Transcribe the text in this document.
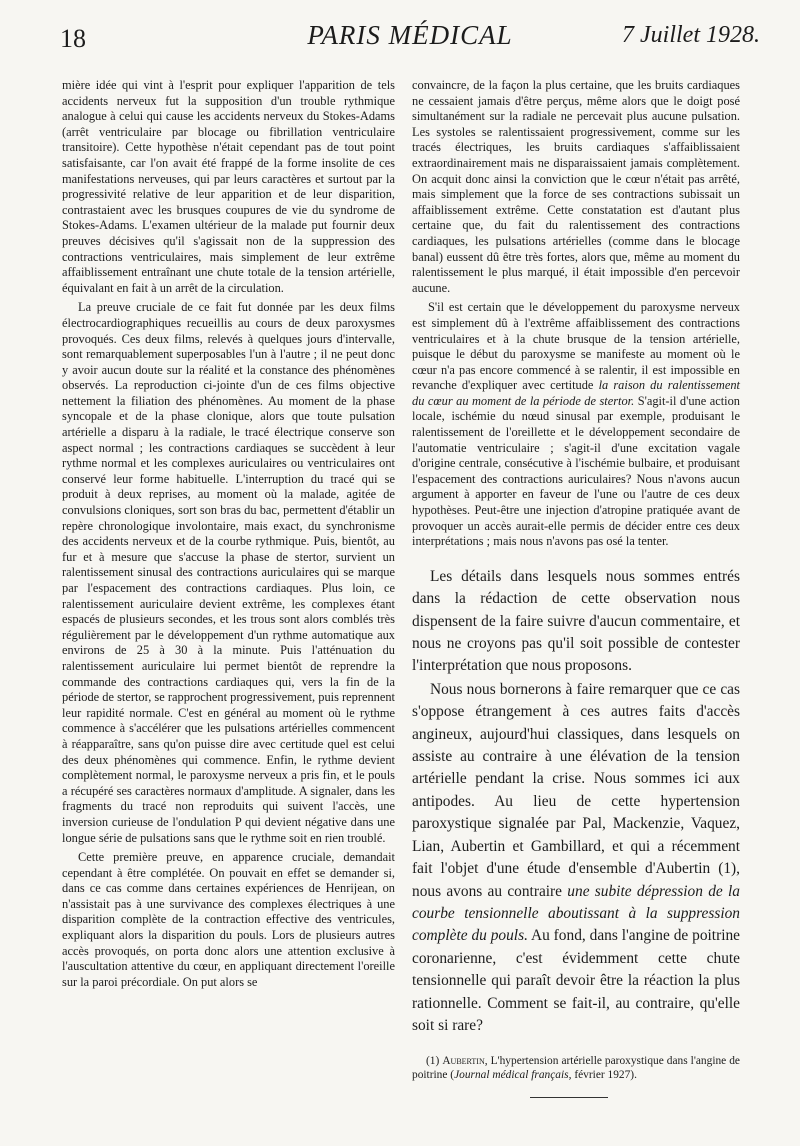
18	PARIS MÉDICAL	7 Juillet 1928.

mière idée qui vint à l'esprit pour expliquer l'apparition de tels accidents nerveux fut la supposition d'un trouble rythmique analogue à celui qui cause les accidents nerveux du Stokes-Adams (arrêt ventriculaire par blocage ou fibrillation ventriculaire transitoire). Cette hypothèse n'était cependant pas de tout point satisfaisante, car l'on avait été frappé de la forme insolite de ces manifestations nerveuses, qui par leurs caractères et surtout par la progressivité relative de leur apparition et de leur disparition, contrastaient avec les brusques coupures de vie du syndrome de Stokes-Adams. L'examen ultérieur de la malade put fournir deux preuves décisives qu'il s'agissait non de la suppression des contractions ventriculaires, mais simplement de leur extrême affaiblissement entraînant une chute totale de la tension artérielle, équivalant en fait à un arrêt de la circulation.

La preuve cruciale de ce fait fut donnée par les deux films électrocardiographiques recueillis au cours de deux paroxysmes provoqués. Ces deux films, relevés à quelques jours d'intervalle, sont remarquablement superposables l'un à l'autre ; il ne peut donc y avoir aucun doute sur la réalité et la constance des phénomènes observés. La reproduction ci-jointe d'un de ces films objective nettement la filiation des phénomènes. Au moment de la phase syncopale et de la phase clonique, alors que toute pulsation artérielle a disparu à la radiale, le tracé électrique conserve son aspect normal ; les contractions cardiaques se succèdent à leur rythme normal et les complexes auriculaires ou ventriculaires ont conservé leur forme habituelle. L'interruption du tracé qui se produit à deux reprises, au moment où la malade, agitée de convulsions cloniques, sort son bras du bac, permettent d'établir un repère chronologique involontaire, mais exact, du synchronisme des accidents nerveux et de la courbe rythmique. Puis, bientôt, au fur et à mesure que s'accuse la phase de stertor, survient un ralentissement sinusal des contractions auriculaires qui se marque par l'espacement des contractions cardiaques. Plus loin, ce ralentissement auriculaire devient extrême, les complexes étant espacés de plusieurs secondes, et les trous sont alors comblés très régulièrement par le développement d'un rythme automatique aux environs de 25 à 30 à la minute. Puis l'atténuation du ralentissement auriculaire lui permet bientôt de reprendre la commande des contractions cardiaques qui, vers la fin de la période de stertor, se rapprochent progressivement, puis reprennent leur rapidité normale. C'est en général au moment où le rythme commence à s'accélérer que les pulsations artérielles commencent à réapparaître, sans qu'on puisse dire avec certitude quel est celui des deux phénomènes qui commence. Enfin, le rythme devient complètement normal, le paroxysme nerveux a pris fin, et le pouls a récupéré ses caractères normaux d'amplitude. A signaler, dans les fragments du tracé non reproduits qui suivent l'accès, une inversion curieuse de l'ondulation P qui devient négative dans une longue série de pulsations sans que le rythme soit en rien troublé.

Cette première preuve, en apparence cruciale, demandait cependant à être complétée. On pouvait en effet se demander si, dans ce cas comme dans certaines expériences de Henrijean, on n'assistait pas à une survivance des complexes électriques à une disparition complète de la contraction effective des ventricules, expliquant alors la disparition du pouls. Lors de plusieurs autres accès provoqués, on porta donc alors une attention exclusive à l'auscultation attentive du cœur, en appliquant directement l'oreille sur la paroi précordiale. On put alors se

convaincre, de la façon la plus certaine, que les bruits cardiaques ne cessaient jamais d'être perçus, même alors que le doigt posé simultanément sur la radiale ne percevait plus aucune pulsation. Les systoles se ralentissaient progressivement, comme sur les tracés électriques, les bruits cardiaques s'affaiblissaient extraordinairement mais ne disparaissaient jamais complètement. On acquit donc ainsi la conviction que le cœur n'était pas arrêté, mais simplement que la force de ses contractions subissait un affaiblissement extrême. Cette constatation est d'autant plus certaine que, du fait du ralentissement des contractions cardiaques, les pulsations artérielles (comme dans le blocage banal) eussent dû être très fortes, alors que, même au moment du ralentissement le plus marqué, il était impossible d'en percevoir aucune.

S'il est certain que le développement du paroxysme nerveux est simplement dû à l'extrême affaiblissement des contractions ventriculaires et à la chute brusque de la tension artérielle, puisque le début du paroxysme se manifeste au moment où le cœur n'a pas encore commencé à se ralentir, il est impossible en revanche d'expliquer avec certitude la raison du ralentissement du cœur au moment de la période de stertor. S'agit-il d'une action locale, ischémie du nœud sinusal par exemple, produisant le ralentissement de l'oreillette et le développement secondaire de l'automatie ventriculaire ; s'agit-il d'une excitation vagale d'origine centrale, consécutive à l'ischémie bulbaire, et produisant l'espacement des contractions auriculaires? Nous n'avons aucun argument à apporter en faveur de l'une ou l'autre de ces deux hypothèses. Peut-être une injection d'atropine pratiquée avant de provoquer un accès aurait-elle permis de décider entre ces deux interprétations ; mais nous n'avons pas osé la tenter.

Les détails dans lesquels nous sommes entrés dans la rédaction de cette observation nous dispensent de la faire suivre d'aucun commentaire, et nous ne croyons pas qu'il soit possible de contester l'interprétation que nous proposons.

Nous nous bornerons à faire remarquer que ce cas s'oppose étrangement à ces autres faits d'accès angineux, aujourd'hui classiques, dans lesquels on assiste au contraire à une élévation de la tension artérielle pendant la crise. Nous sommes ici aux antipodes. Au lieu de cette hypertension paroxystique signalée par Pal, Mackenzie, Vaquez, Lian, Aubertin et Gambillard, et qui a récemment fait l'objet d'une étude d'ensemble d'Aubertin (1), nous avons au contraire une subite dépression de la courbe tensionnelle aboutissant à la suppression complète du pouls. Au fond, dans l'angine de poitrine coronarienne, c'est évidemment cette chute tensionnelle qui paraît devoir être la réaction la plus rationnelle. Comment se fait-il, au contraire, qu'elle soit si rare?

(1) Aubertin, L'hypertension artérielle paroxystique dans l'angine de poitrine (Journal médical français, février 1927).
